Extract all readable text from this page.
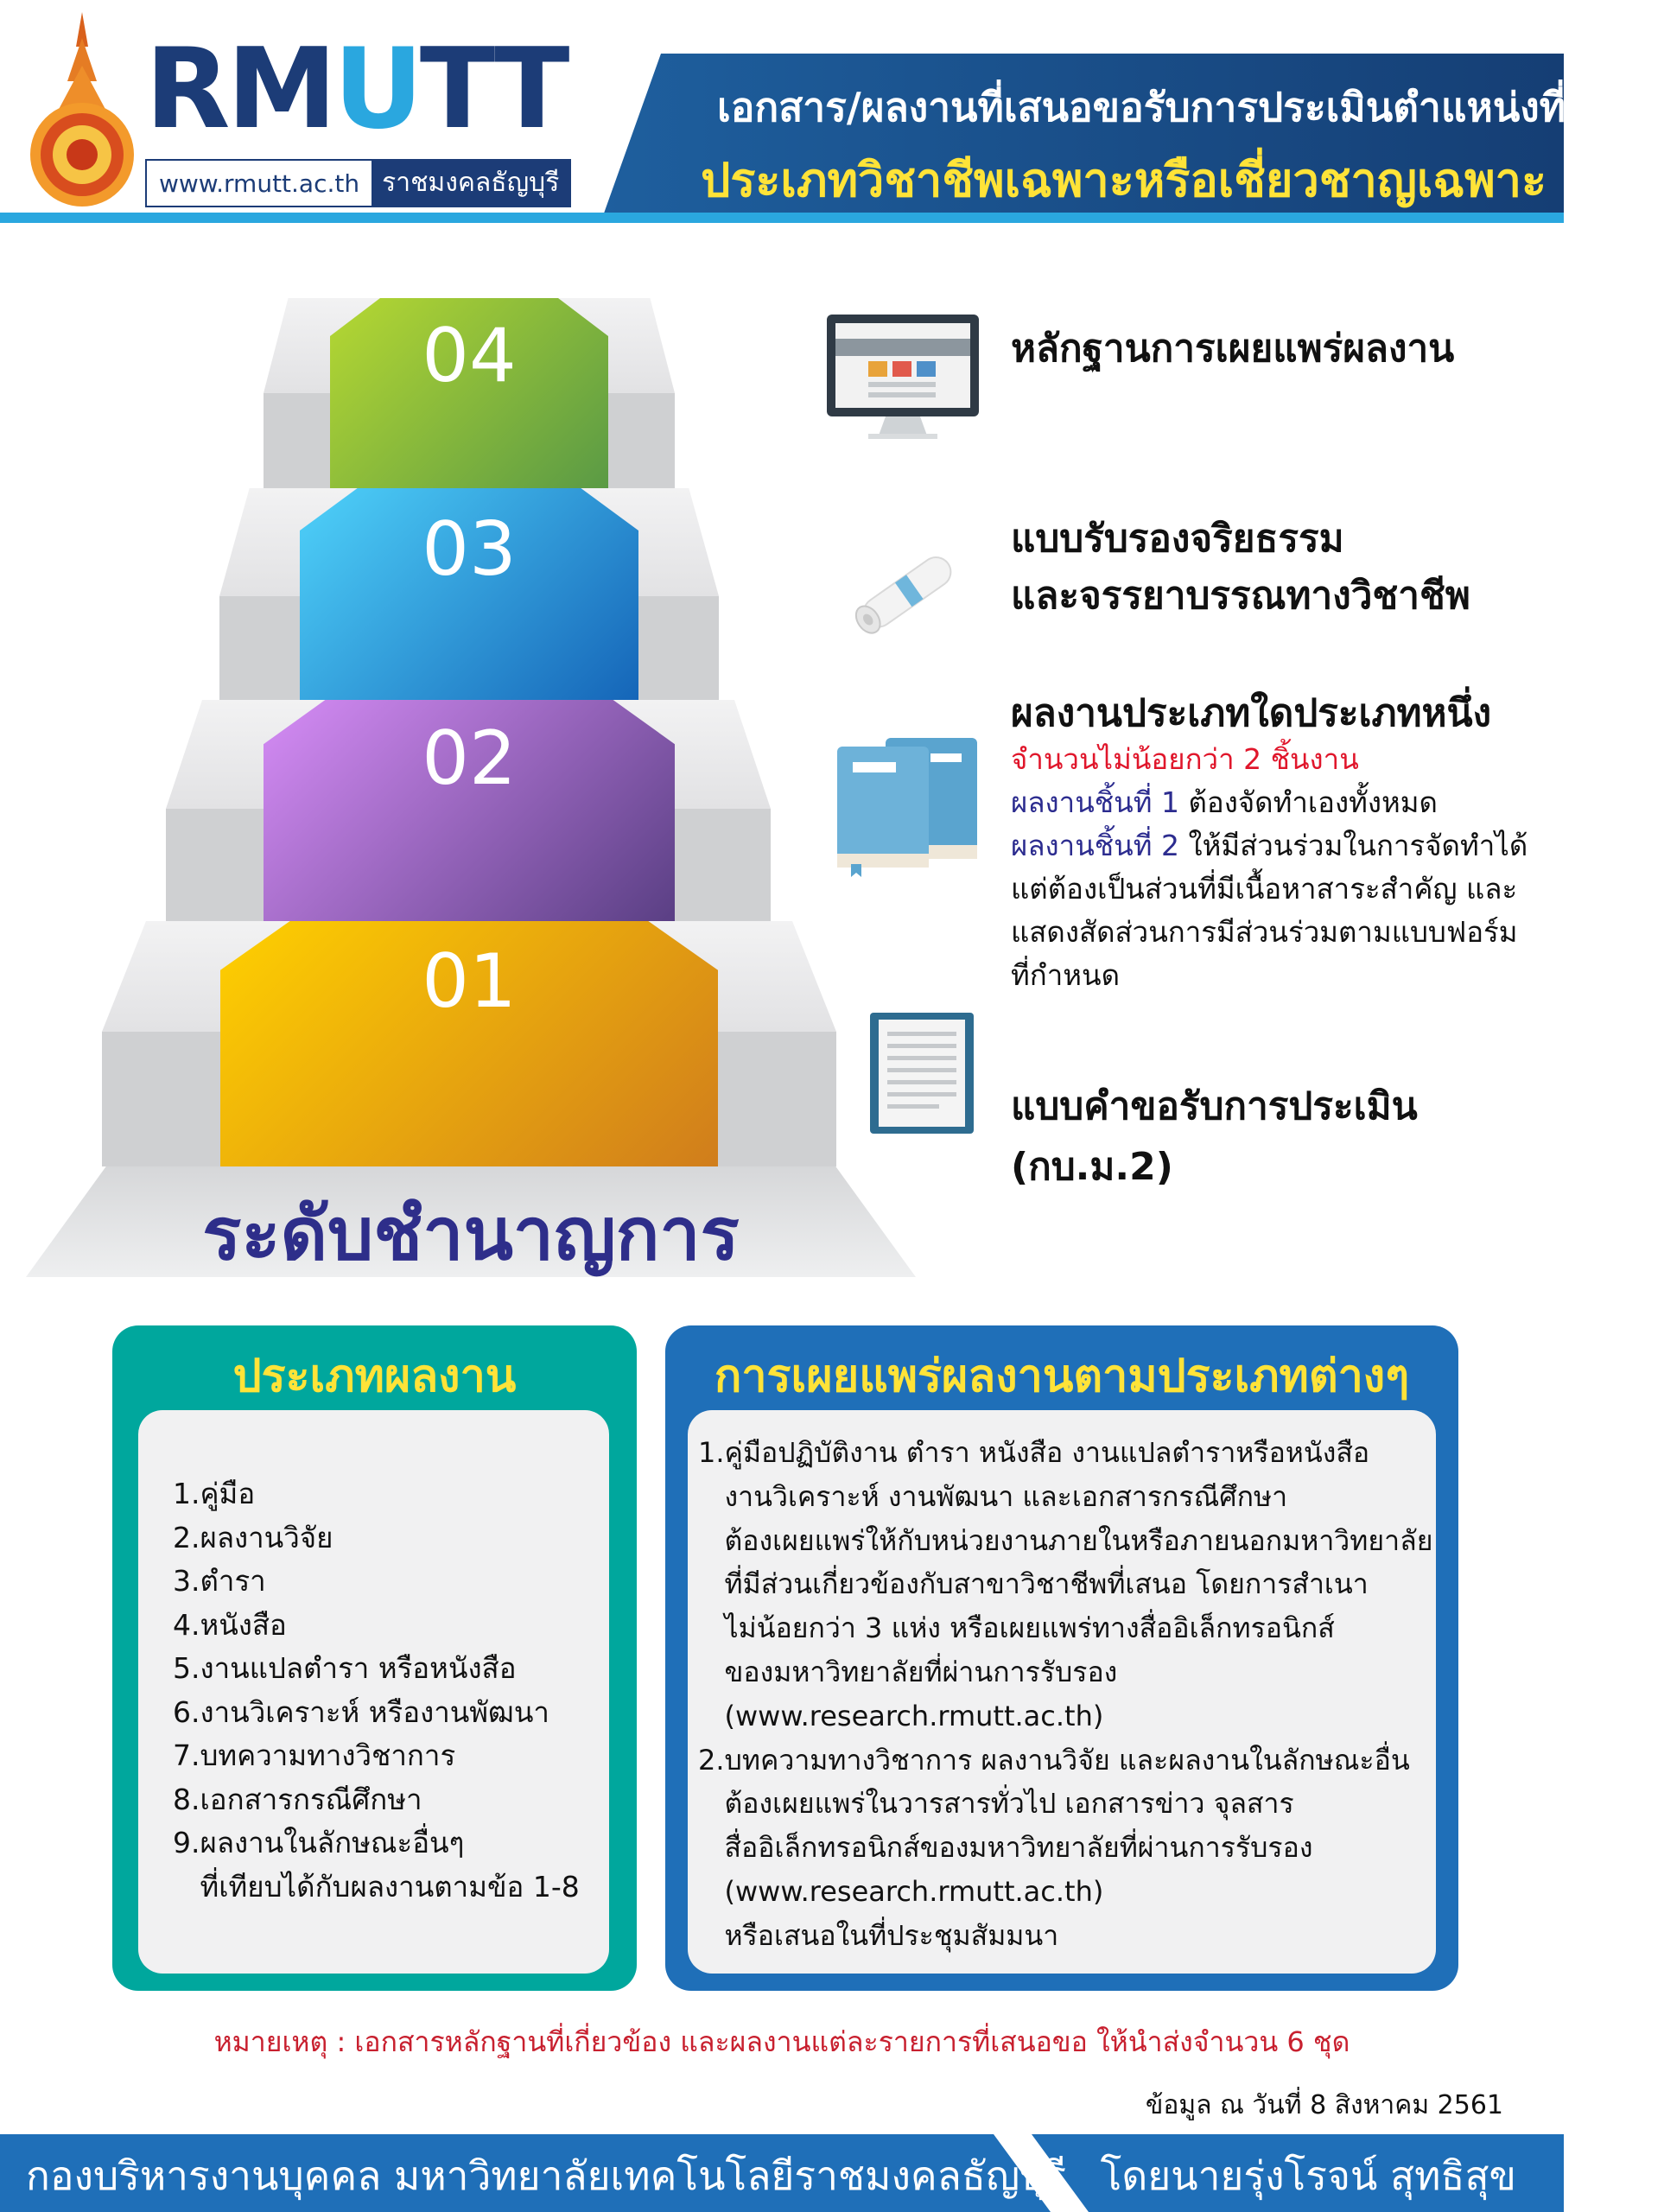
RMUTT
www.rmutt.ac.th ราชมงคลธัญบุรี
เอกสาร/ผลงานที่เสนอขอรับการประเมินตำแหน่งที่สูงขึ้น
ประเภทวิชาชีพเฉพาะหรือเชี่ยวชาญเฉพาะ
01
02
03
04
ระดับชำนาญการ
หลักฐานการเผยแพร่ผลงาน
แบบรับรองจริยธรรม
และจรรยาบรรณทางวิชาชีพ
ผลงานประเภทใดประเภทหนึ่ง
จำนวนไม่น้อยกว่า 2 ชิ้นงาน
ผลงานชิ้นที่ 1 ต้องจัดทำเองทั้งหมด
ผลงานชิ้นที่ 2 ให้มีส่วนร่วมในการจัดทำได้
แต่ต้องเป็นส่วนที่มีเนื้อหาสาระสำคัญ และ
แสดงสัดส่วนการมีส่วนร่วมตามแบบฟอร์ม
ที่กำหนด
แบบคำขอรับการประเมิน (กบ.ม.2)
ประเภทผลงาน
1.คู่มือ
2.ผลงานวิจัย
3.ตำรา
4.หนังสือ
5.งานแปลตำรา หรือหนังสือ
6.งานวิเคราะห์ หรืองานพัฒนา
7.บทความทางวิชาการ
8.เอกสารกรณีศึกษา
9.ผลงานในลักษณะอื่นๆ
ที่เทียบได้กับผลงานตามข้อ 1-8
การเผยแพร่ผลงานตามประเภทต่างๆ
1.คู่มือปฏิบัติงาน ตำรา หนังสือ งานแปลตำราหรือหนังสือ
งานวิเคราะห์ งานพัฒนา และเอกสารกรณีศึกษา
ต้องเผยแพร่ให้กับหน่วยงานภายในหรือภายนอกมหาวิทยาลัย
ที่มีส่วนเกี่ยวข้องกับสาขาวิชาชีพที่เสนอ โดยการสำเนา
ไม่น้อยกว่า 3 แห่ง หรือเผยแพร่ทางสื่ออิเล็กทรอนิกส์
ของมหาวิทยาลัยที่ผ่านการรับรอง
(www.research.rmutt.ac.th)
2.บทความทางวิชาการ ผลงานวิจัย และผลงานในลักษณะอื่น
ต้องเผยแพร่ในวารสารทั่วไป เอกสารข่าว จุลสาร
สื่ออิเล็กทรอนิกส์ของมหาวิทยาลัยที่ผ่านการรับรอง
(www.research.rmutt.ac.th)
หรือเสนอในที่ประชุมสัมมนา
หมายเหตุ : เอกสารหลักฐานที่เกี่ยวข้อง และผลงานแต่ละรายการที่เสนอขอ ให้นำส่งจำนวน 6 ชุด
ข้อมูล ณ วันที่ 8 สิงหาคม 2561
กองบริหารงานบุคคล มหาวิทยาลัยเทคโนโลยีราชมงคลธัญบุรี โดยนายรุ่งโรจน์ สุทธิสุข
